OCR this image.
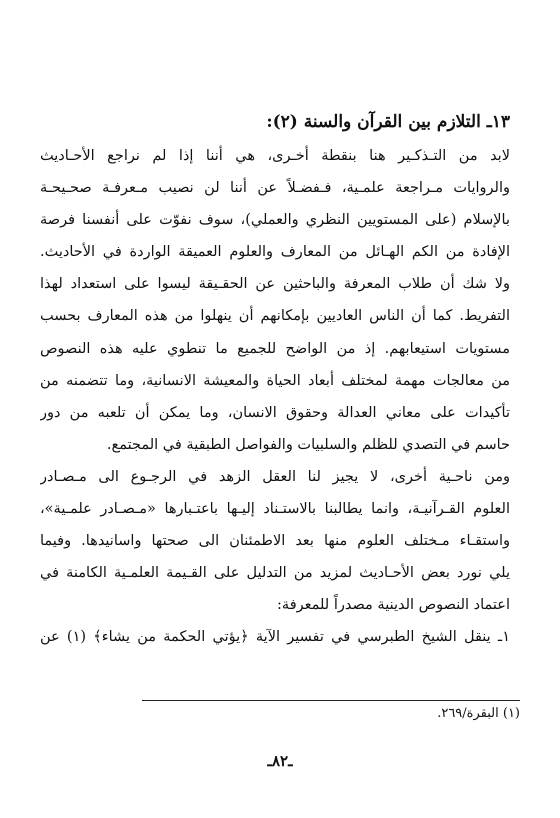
١٣ـ التلازم بين القرآن والسنة (٢):
لابد من التـذكـير هنا بنقطة أخـرى، هي أننا إذا لم نراجع الأحـاديث
والروايات مـراجعة علمـية، فـفضـلاً عن أننا لن نصيب مـعرفـة صحـيحـة
بالإسلام (على المستويين النظري والعملي)، سوف نفوّت على أنفسنا فرصة
الإفادة من الكم الهـائل من المعارف والعلوم العميقة الواردة في الأحاديث.
ولا شك أن طلاب المعرفة والباحثين عن الحقـيقة ليسوا على استعداد لهذا
التفريط. كما أن الناس العاديين بإمكانهم أن ينهلوا من هذه المعارف بحسب
مستويات استيعابهم. إذ من الواضح للجميع ما تنطوي عليه هذه النصوص
من معالجات مهمة لمختلف أبعاد الحياة والمعيشة الانسانية، وما تتضمنه من
تأكيدات على معاني العدالة وحقوق الانسان، وما يمكن أن تلعبه من دور
حاسم في التصدي للظلم والسلبيات والفواصل الطبقية في المجتمع.
ومن ناحـية أخرى، لا يجيز لنا العقل الزهد في الرجـوع الى مـصـادر
العلوم القـرآنيـة، وانما يطالبنا بالاستـناد إليـها باعتـبارها «مـصـادر علمـية»،
واستقـاء مـختلف العلوم منها بعد الاطمئنان الى صحتها واسانيدها. وفيما
يلي نورد بعض الأحـاديث لمزيد من التدليل على القـيمة العلمـية الكامنة في
اعتماد النصوص الدينية مصدراً للمعرفة:
١ـ ينقل الشيخ الطبرسي في تفسير الآية ﴿يؤتي الحكمة من يشاء﴾ (١) عن
(١) البقرة/٢٦٩.
ـ٨٢ـ
